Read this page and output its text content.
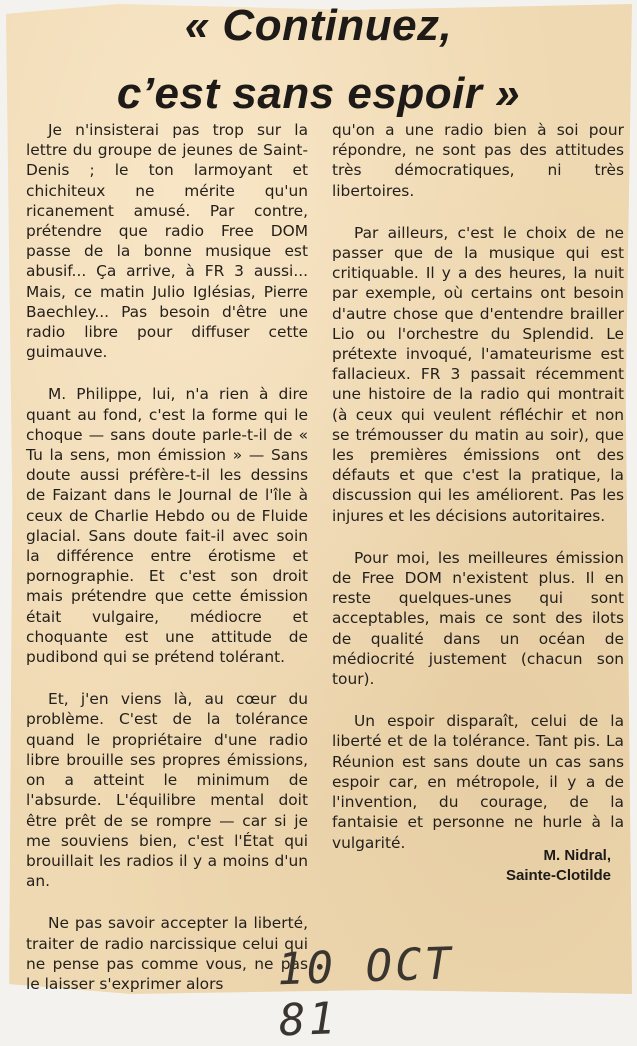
« Continuez,
c’est sans espoir »

Je n'insisterai pas trop sur la lettre du groupe de jeunes de Saint-Denis ; le ton larmoyant et chichiteux ne mérite qu'un ricanement amusé. Par contre, prétendre que radio Free DOM passe de la bonne musique est abusif... Ça arrive, à FR 3 aussi... Mais, ce matin Julio Iglésias, Pierre Baechley... Pas besoin d'être une radio libre pour diffuser cette guimauve.

M. Philippe, lui, n'a rien à dire quant au fond, c'est la forme qui le choque — sans doute parle-t-il de « Tu la sens, mon émission » — Sans doute aussi préfère-t-il les dessins de Faizant dans le Journal de l'île à ceux de Charlie Hebdo ou de Fluide glacial. Sans doute fait-il avec soin la différence entre érotisme et pornographie. Et c'est son droit mais prétendre que cette émission était vulgaire, médiocre et choquante est une attitude de pudibond qui se prétend tolérant.

Et, j'en viens là, au cœur du problème. C'est de la tolérance quand le propriétaire d'une radio libre brouille ses propres émissions, on a atteint le minimum de l'absurde. L'équilibre mental doit être prêt de se rompre — car si je me souviens bien, c'est l'État qui brouillait les radios il y a moins d'un an.

Ne pas savoir accepter la liberté, traiter de radio narcissique celui qui ne pense pas comme vous, ne pas le laisser s'exprimer alors

qu'on a une radio bien à soi pour répondre, ne sont pas des attitudes très démocratiques, ni très libertoires.

Par ailleurs, c'est le choix de ne passer que de la musique qui est critiquable. Il y a des heures, la nuit par exemple, où certains ont besoin d'autre chose que d'entendre brailler Lio ou l'orchestre du Splendid. Le prétexte invoqué, l'amateurisme est fallacieux. FR 3 passait récemment une histoire de la radio qui montrait (à ceux qui veulent réfléchir et non se trémousser du matin au soir), que les premières émissions ont des défauts et que c'est la pratique, la discussion qui les améliorent. Pas les injures et les décisions autoritaires.

Pour moi, les meilleures émission de Free DOM n'existent plus. Il en reste quelques-unes qui sont acceptables, mais ce sont des ilots de qualité dans un océan de médiocrité justement (chacun son tour).

Un espoir disparaît, celui de la liberté et de la tolérance. Tant pis. La Réunion est sans doute un cas sans espoir car, en métropole, il y a de l'invention, du courage, de la fantaisie et personne ne hurle à la vulgarité.

M. Nidral,
Sainte-Clotilde
10 OCT 81
